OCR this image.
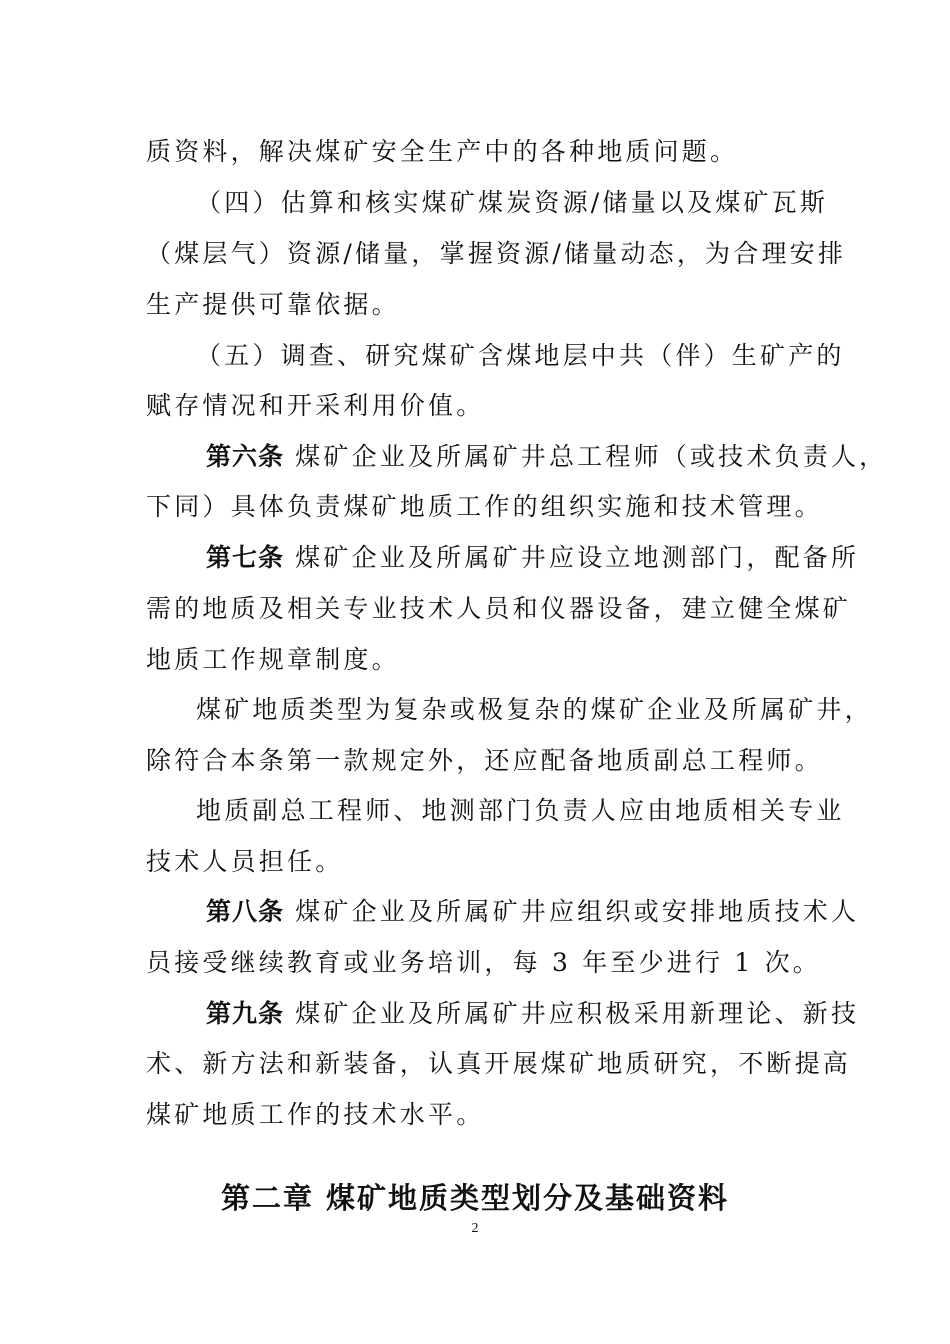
质资料，解决煤矿安全生产中的各种地质问题。
（四）估算和核实煤矿煤炭资源/储量以及煤矿瓦斯
（煤层气）资源/储量，掌握资源/储量动态，为合理安排
生产提供可靠依据。
（五）调查、研究煤矿含煤地层中共（伴）生矿产的
赋存情况和开采利用价值。
第六条 煤矿企业及所属矿井总工程师（或技术负责人，
下同）具体负责煤矿地质工作的组织实施和技术管理。
第七条 煤矿企业及所属矿井应设立地测部门，配备所
需的地质及相关专业技术人员和仪器设备，建立健全煤矿
地质工作规章制度。
煤矿地质类型为复杂或极复杂的煤矿企业及所属矿井，
除符合本条第一款规定外，还应配备地质副总工程师。
地质副总工程师、地测部门负责人应由地质相关专业
技术人员担任。
第八条 煤矿企业及所属矿井应组织或安排地质技术人
员接受继续教育或业务培训，每 3 年至少进行 1 次。
第九条 煤矿企业及所属矿井应积极采用新理论、新技
术、新方法和新装备，认真开展煤矿地质研究，不断提高
煤矿地质工作的技术水平。
第二章 煤矿地质类型划分及基础资料
2
